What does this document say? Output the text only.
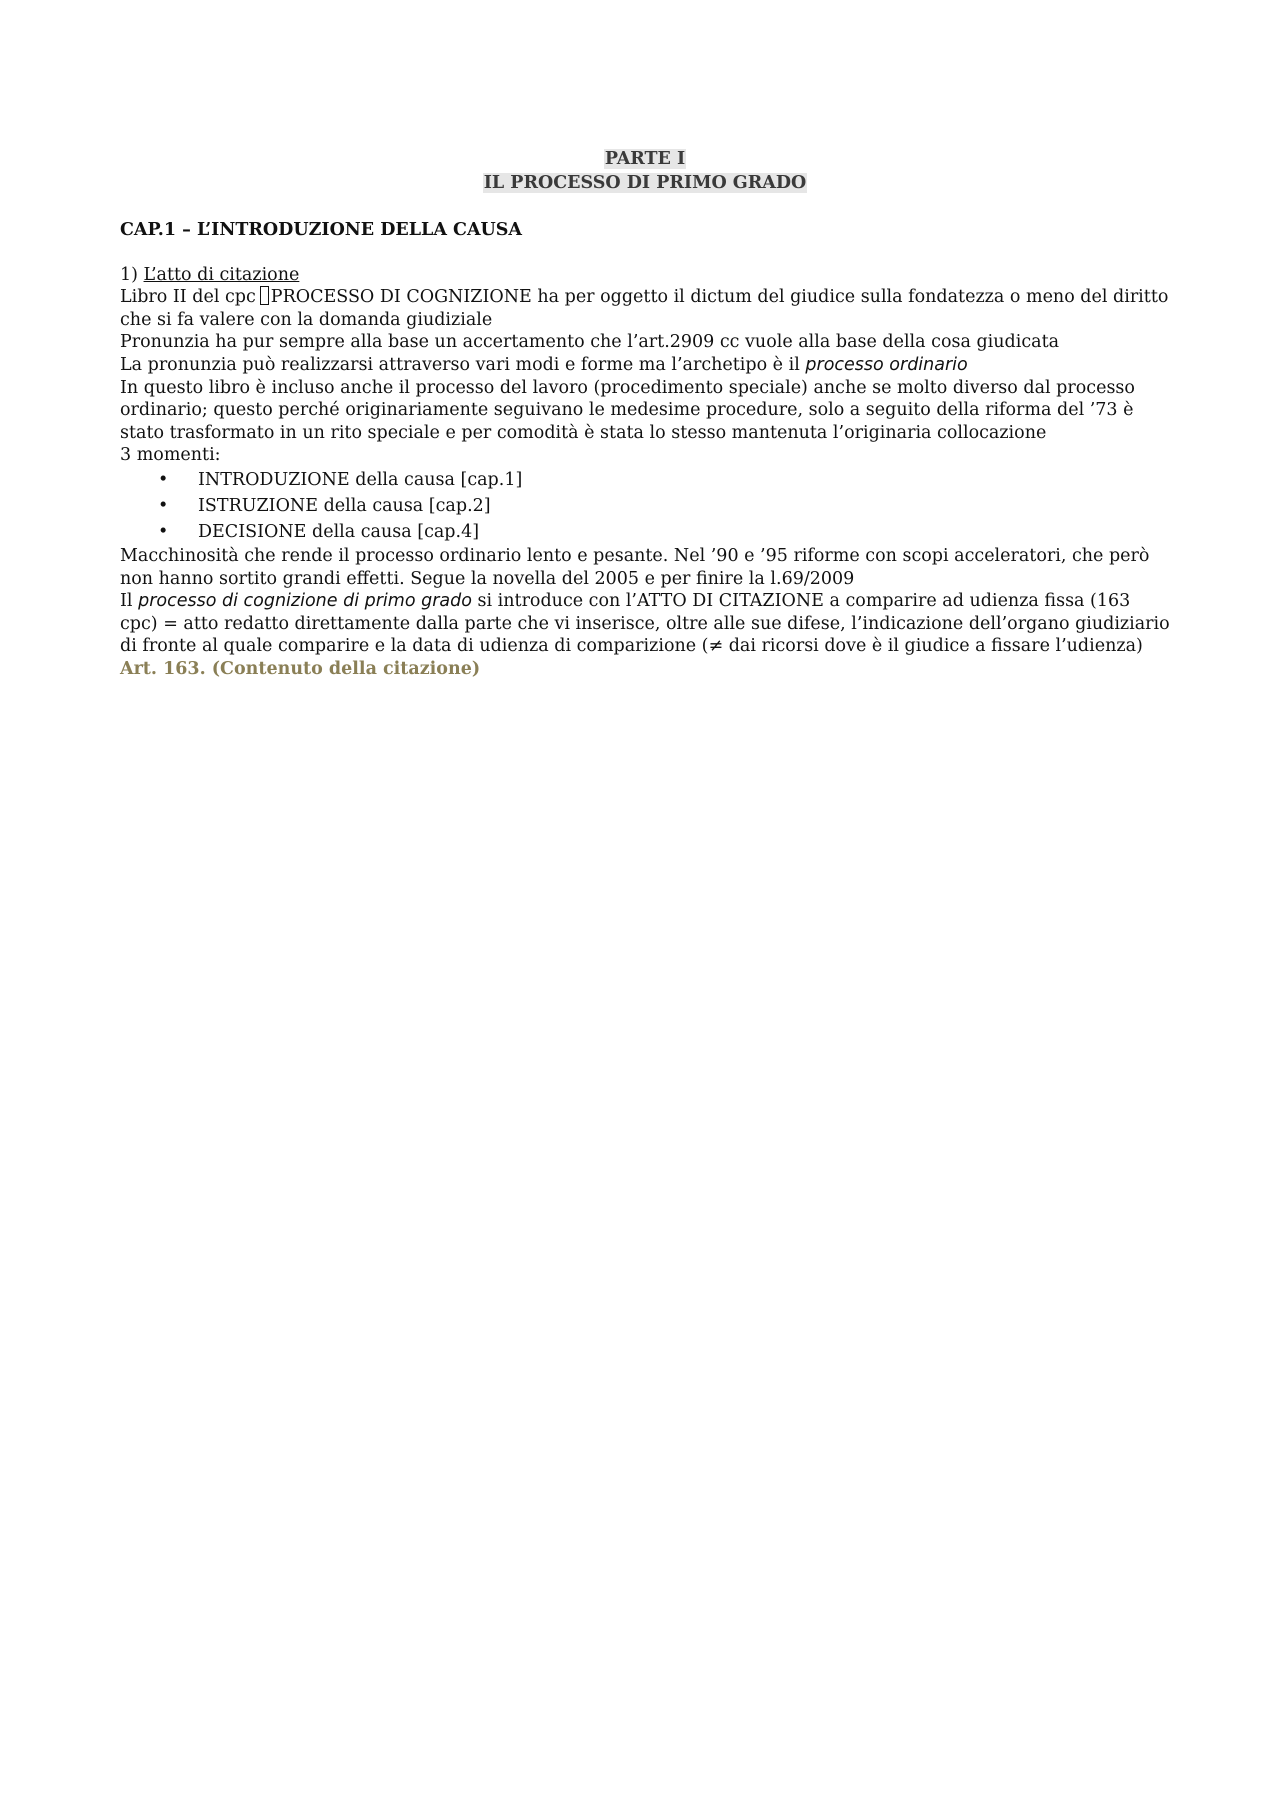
PARTE I
IL PROCESSO DI PRIMO GRADO
CAP.1 – L’INTRODUZIONE DELLA CAUSA

1) L’atto di citazione

Libro II del cpc PROCESSO DI COGNIZIONE ha per oggetto il dictum del giudice sulla fondatezza o meno del diritto che si fa valere con la domanda giudiziale

Pronunzia ha pur sempre alla base un accertamento che l’art.2909 cc vuole alla base della cosa giudicata

La pronunzia può realizzarsi attraverso vari modi e forme ma l’archetipo è il processo ordinario

In questo libro è incluso anche il processo del lavoro (procedimento speciale) anche se molto diverso dal processo ordinario; questo perché originariamente seguivano le medesime procedure, solo a seguito della riforma del ’73 è stato trasformato in un rito speciale e per comodità è stata lo stesso mantenuta l’originaria collocazione

3 momenti:

• INTRODUZIONE della causa [cap.1]
• ISTRUZIONE della causa [cap.2]
• DECISIONE della causa [cap.4]

Macchinosità che rende il processo ordinario lento e pesante. Nel ’90 e ’95 riforme con scopi acceleratori, che però non hanno sortito grandi effetti. Segue la novella del 2005 e per finire la l.69/2009

Il processo di cognizione di primo grado si introduce con l’ATTO DI CITAZIONE a comparire ad udienza fissa (163 cpc) = atto redatto direttamente dalla parte che vi inserisce, oltre alle sue difese, l’indicazione dell’organo giudiziario di fronte al quale comparire e la data di udienza di comparizione (≠ dai ricorsi dove è il giudice a fissare l’udienza)

Art. 163. (Contenuto della citazione)
